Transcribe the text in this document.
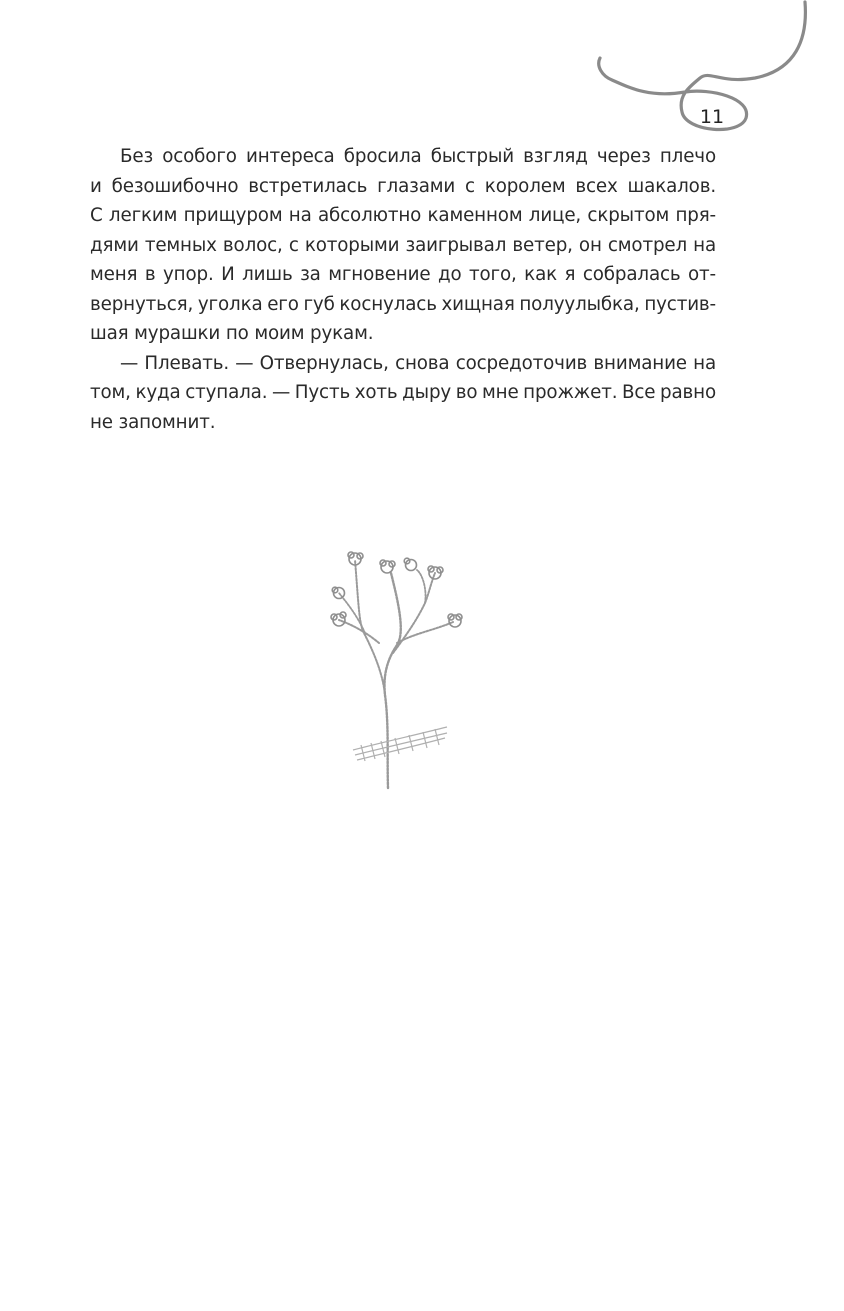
11
Без особого интереса бросила быстрый взгляд через плечо
и безошибочно встретилась глазами с королем всех шакалов.
С легким прищуром на абсолютно каменном лице, скрытом пря-
дями темных волос, с которыми заигрывал ветер, он смотрел на
меня в упор. И лишь за мгновение до того, как я собралась от-
вернуться, уголка его губ коснулась хищная полуулыбка, пустив-
шая мурашки по моим рукам.
— Плевать. — Отвернулась, снова сосредоточив внимание на
том, куда ступала. — Пусть хоть дыру во мне прожжет. Все равно
не запомнит.
